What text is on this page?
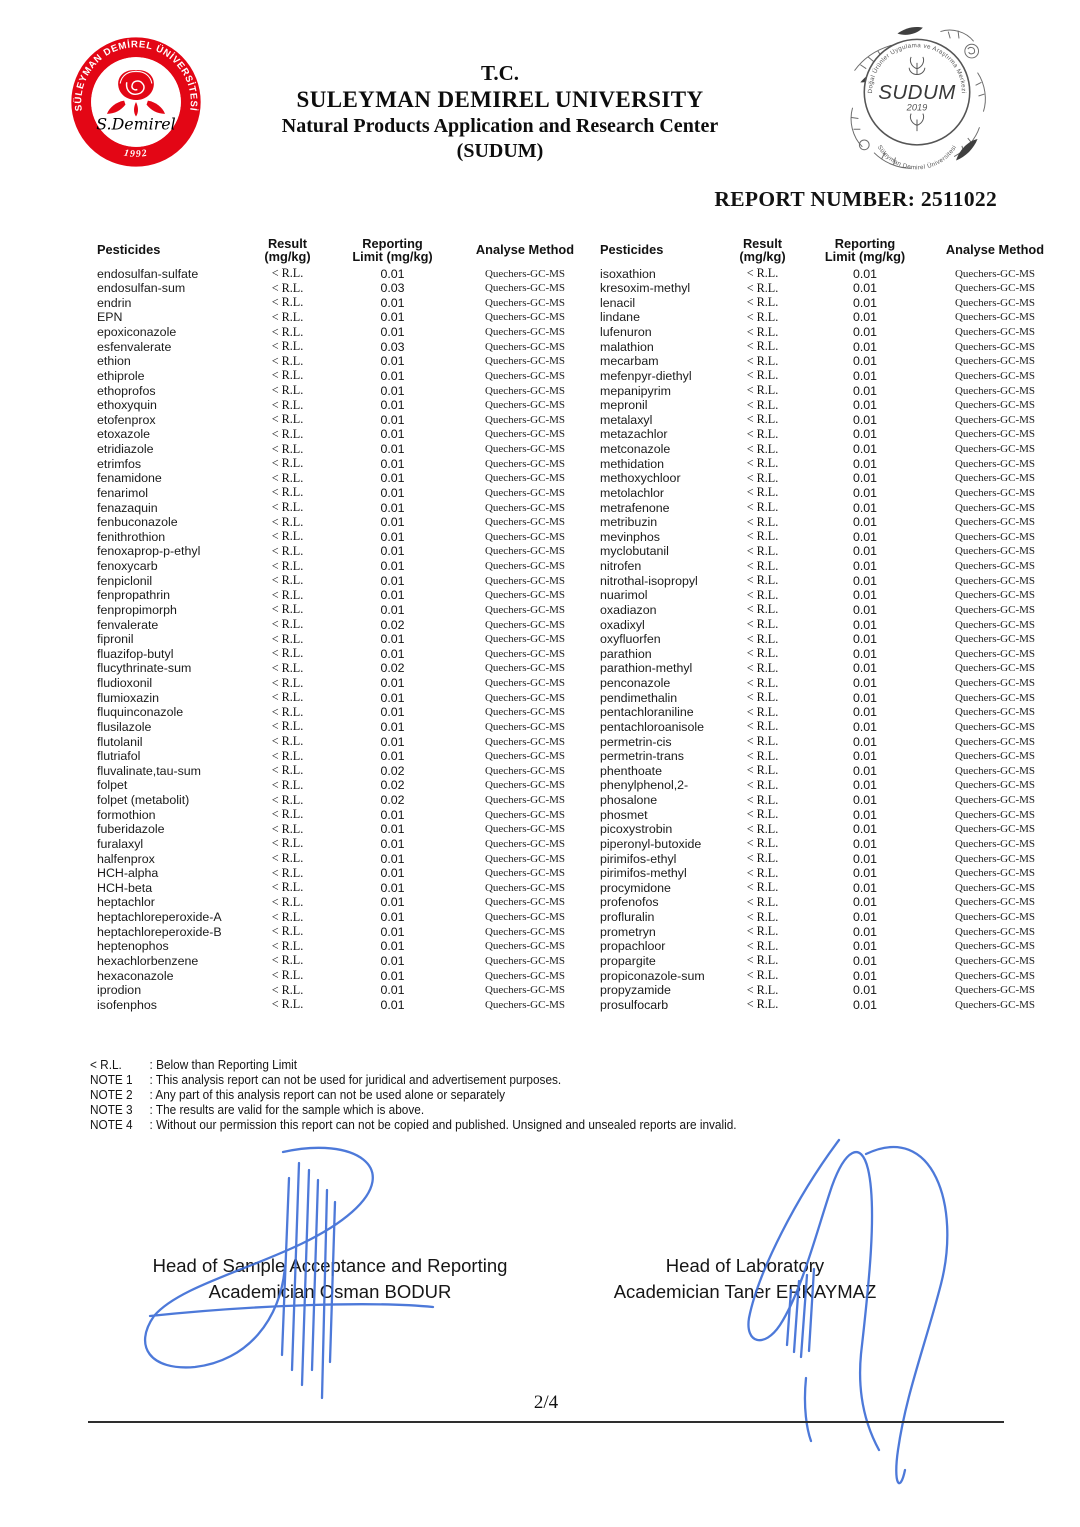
SÜLEYMAN DEMİREL ÜNİVERSİTESİ
1992
S.Demirel
T.C.
SULEYMAN DEMIREL UNIVERSITY
Natural Products Application and Research Center
(SUDUM)
Doğal Ürünler Uygulama ve Araştırma Merkezi
Süleyman Demirel Üniversitesi
SUDUM
2019
REPORT NUMBER: 2511022
Pesticides	Result
(mg/kg)
Reporting
Limit (mg/kg)	Analyse Method
endosulfan-sulfate	< R.L.	0.01	Quechers-GC-MS
endosulfan-sum	< R.L.	0.03	Quechers-GC-MS
endrin	< R.L.	0.01	Quechers-GC-MS
EPN	< R.L.	0.01	Quechers-GC-MS
epoxiconazole	< R.L.	0.01	Quechers-GC-MS
esfenvalerate	< R.L.	0.03	Quechers-GC-MS
ethion	< R.L.	0.01	Quechers-GC-MS
ethiprole	< R.L.	0.01	Quechers-GC-MS
ethoprofos	< R.L.	0.01	Quechers-GC-MS
ethoxyquin	< R.L.	0.01	Quechers-GC-MS
etofenprox	< R.L.	0.01	Quechers-GC-MS
etoxazole	< R.L.	0.01	Quechers-GC-MS
etridiazole	< R.L.	0.01	Quechers-GC-MS
etrimfos	< R.L.	0.01	Quechers-GC-MS
fenamidone	< R.L.	0.01	Quechers-GC-MS
fenarimol	< R.L.	0.01	Quechers-GC-MS
fenazaquin	< R.L.	0.01	Quechers-GC-MS
fenbuconazole	< R.L.	0.01	Quechers-GC-MS
fenithrothion	< R.L.	0.01	Quechers-GC-MS
fenoxaprop-p-ethyl	< R.L.	0.01	Quechers-GC-MS
fenoxycarb	< R.L.	0.01	Quechers-GC-MS
fenpiclonil	< R.L.	0.01	Quechers-GC-MS
fenpropathrin	< R.L.	0.01	Quechers-GC-MS
fenpropimorph	< R.L.	0.01	Quechers-GC-MS
fenvalerate	< R.L.	0.02	Quechers-GC-MS
fipronil	< R.L.	0.01	Quechers-GC-MS
fluazifop-butyl	< R.L.	0.01	Quechers-GC-MS
flucythrinate-sum	< R.L.	0.02	Quechers-GC-MS
fludioxonil	< R.L.	0.01	Quechers-GC-MS
flumioxazin	< R.L.	0.01	Quechers-GC-MS
fluquinconazole	< R.L.	0.01	Quechers-GC-MS
flusilazole	< R.L.	0.01	Quechers-GC-MS
flutolanil	< R.L.	0.01	Quechers-GC-MS
flutriafol	< R.L.	0.01	Quechers-GC-MS
fluvalinate,tau-sum	< R.L.	0.02	Quechers-GC-MS
folpet	< R.L.	0.02	Quechers-GC-MS
folpet (metabolit)	< R.L.	0.02	Quechers-GC-MS
formothion	< R.L.	0.01	Quechers-GC-MS
fuberidazole	< R.L.	0.01	Quechers-GC-MS
furalaxyl	< R.L.	0.01	Quechers-GC-MS
halfenprox	< R.L.	0.01	Quechers-GC-MS
HCH-alpha	< R.L.	0.01	Quechers-GC-MS
HCH-beta	< R.L.	0.01	Quechers-GC-MS
heptachlor	< R.L.	0.01	Quechers-GC-MS
heptachloreperoxide-A	< R.L.	0.01	Quechers-GC-MS
heptachloreperoxide-B	< R.L.	0.01	Quechers-GC-MS
heptenophos	< R.L.	0.01	Quechers-GC-MS
hexachlorbenzene	< R.L.	0.01	Quechers-GC-MS
hexaconazole	< R.L.	0.01	Quechers-GC-MS
iprodion	< R.L.	0.01	Quechers-GC-MS
isofenphos	< R.L.	0.01	Quechers-GC-MS
Pesticides	Result
(mg/kg)
Reporting
Limit (mg/kg)	Analyse Method
isoxathion	< R.L.	0.01	Quechers-GC-MS
kresoxim-methyl	< R.L.	0.01	Quechers-GC-MS
lenacil	< R.L.	0.01	Quechers-GC-MS
lindane	< R.L.	0.01	Quechers-GC-MS
lufenuron	< R.L.	0.01	Quechers-GC-MS
malathion	< R.L.	0.01	Quechers-GC-MS
mecarbam	< R.L.	0.01	Quechers-GC-MS
mefenpyr-diethyl	< R.L.	0.01	Quechers-GC-MS
mepanipyrim	< R.L.	0.01	Quechers-GC-MS
mepronil	< R.L.	0.01	Quechers-GC-MS
metalaxyl	< R.L.	0.01	Quechers-GC-MS
metazachlor	< R.L.	0.01	Quechers-GC-MS
metconazole	< R.L.	0.01	Quechers-GC-MS
methidation	< R.L.	0.01	Quechers-GC-MS
methoxychloor	< R.L.	0.01	Quechers-GC-MS
metolachlor	< R.L.	0.01	Quechers-GC-MS
metrafenone	< R.L.	0.01	Quechers-GC-MS
metribuzin	< R.L.	0.01	Quechers-GC-MS
mevinphos	< R.L.	0.01	Quechers-GC-MS
myclobutanil	< R.L.	0.01	Quechers-GC-MS
nitrofen	< R.L.	0.01	Quechers-GC-MS
nitrothal-isopropyl	< R.L.	0.01	Quechers-GC-MS
nuarimol	< R.L.	0.01	Quechers-GC-MS
oxadiazon	< R.L.	0.01	Quechers-GC-MS
oxadixyl	< R.L.	0.01	Quechers-GC-MS
oxyfluorfen	< R.L.	0.01	Quechers-GC-MS
parathion	< R.L.	0.01	Quechers-GC-MS
parathion-methyl	< R.L.	0.01	Quechers-GC-MS
penconazole	< R.L.	0.01	Quechers-GC-MS
pendimethalin	< R.L.	0.01	Quechers-GC-MS
pentachloraniline	< R.L.	0.01	Quechers-GC-MS
pentachloroanisole	< R.L.	0.01	Quechers-GC-MS
permetrin-cis	< R.L.	0.01	Quechers-GC-MS
permetrin-trans	< R.L.	0.01	Quechers-GC-MS
phenthoate	< R.L.	0.01	Quechers-GC-MS
phenylphenol,2-	< R.L.	0.01	Quechers-GC-MS
phosalone	< R.L.	0.01	Quechers-GC-MS
phosmet	< R.L.	0.01	Quechers-GC-MS
picoxystrobin	< R.L.	0.01	Quechers-GC-MS
piperonyl-butoxide	< R.L.	0.01	Quechers-GC-MS
pirimifos-ethyl	< R.L.	0.01	Quechers-GC-MS
pirimifos-methyl	< R.L.	0.01	Quechers-GC-MS
procymidone	< R.L.	0.01	Quechers-GC-MS
profenofos	< R.L.	0.01	Quechers-GC-MS
profluralin	< R.L.	0.01	Quechers-GC-MS
prometryn	< R.L.	0.01	Quechers-GC-MS
propachloor	< R.L.	0.01	Quechers-GC-MS
propargite	< R.L.	0.01	Quechers-GC-MS
propiconazole-sum	< R.L.	0.01	Quechers-GC-MS
propyzamide	< R.L.	0.01	Quechers-GC-MS
prosulfocarb	< R.L.	0.01	Quechers-GC-MS
< R.L.	: Below than Reporting Limit
NOTE 1	: This analysis report can not be used for juridical and advertisement purposes.
NOTE 2	: Any part of this analysis report can not be used alone or separately
NOTE 3	: The results are valid for the sample which is above.
NOTE 4	: Without our permission this report can not be copied and published. Unsigned and unsealed reports are invalid.
Head of Sample Acceptance and Reporting
Academician Osman BODUR
Head of Laboratory
Academician Taner ERKAYMAZ
2/4
